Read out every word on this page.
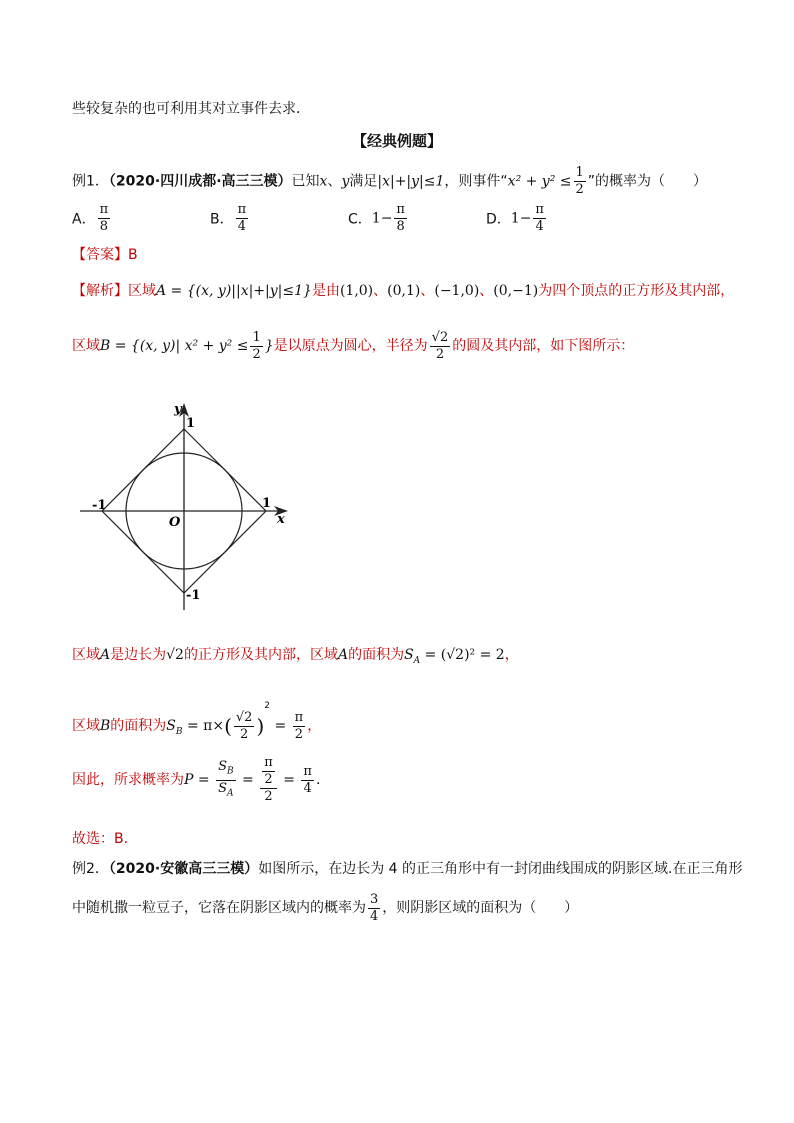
些较复杂的也可利用其对立事件去求．
【经典例题】
例1．（2020·四川成都·高三三模）已知x、y满足|x|+|y|≤1，则事件“$x^2 + y^2 \le \frac{1}{2}$ ”的概率为（　　）
A． $\frac{\pi}{8}$	B． $\frac{\pi}{4}$	C．$1- \frac{\pi}{8}$	D．$1- \frac{\pi}{4}$
【答案】B
【解析】区域A = {(x, y)||x|+|y|≤1}是由(1,0)、(0,1)、(−1,0)、(0,−1)为四个顶点的正方形及其内部，
区域B = {(x, y)| $x^2 + y^2 \le \frac{1}{2}$ }是以原点为圆心，半径为 $\frac{√2}{2}$ 的圆及其内部，如下图所示：
y
x
O
1
1
-1
-1
区域A是边长为√2的正方形及其内部，区域A的面积为$S_A = (√2)^2 = 2$，
区域B的面积为$S_B = \pi\times( \frac{√2}{2} )^2 = \frac{\pi}{2}$ ，
因此，所求概率为$P = \frac{S_B}{S_A} = \frac{\frac{\pi}{2}}{2} = \frac{\pi}{4}$ .
故选：B.
例2．（2020·安徽高三三模）如图所示，在边长为 4 的正三角形中有一封闭曲线围成的阴影区域.在正三角形
中随机撒一粒豆子，它落在阴影区域内的概率为 $\frac{3}{4}$ ，则阴影区域的面积为（　　）
